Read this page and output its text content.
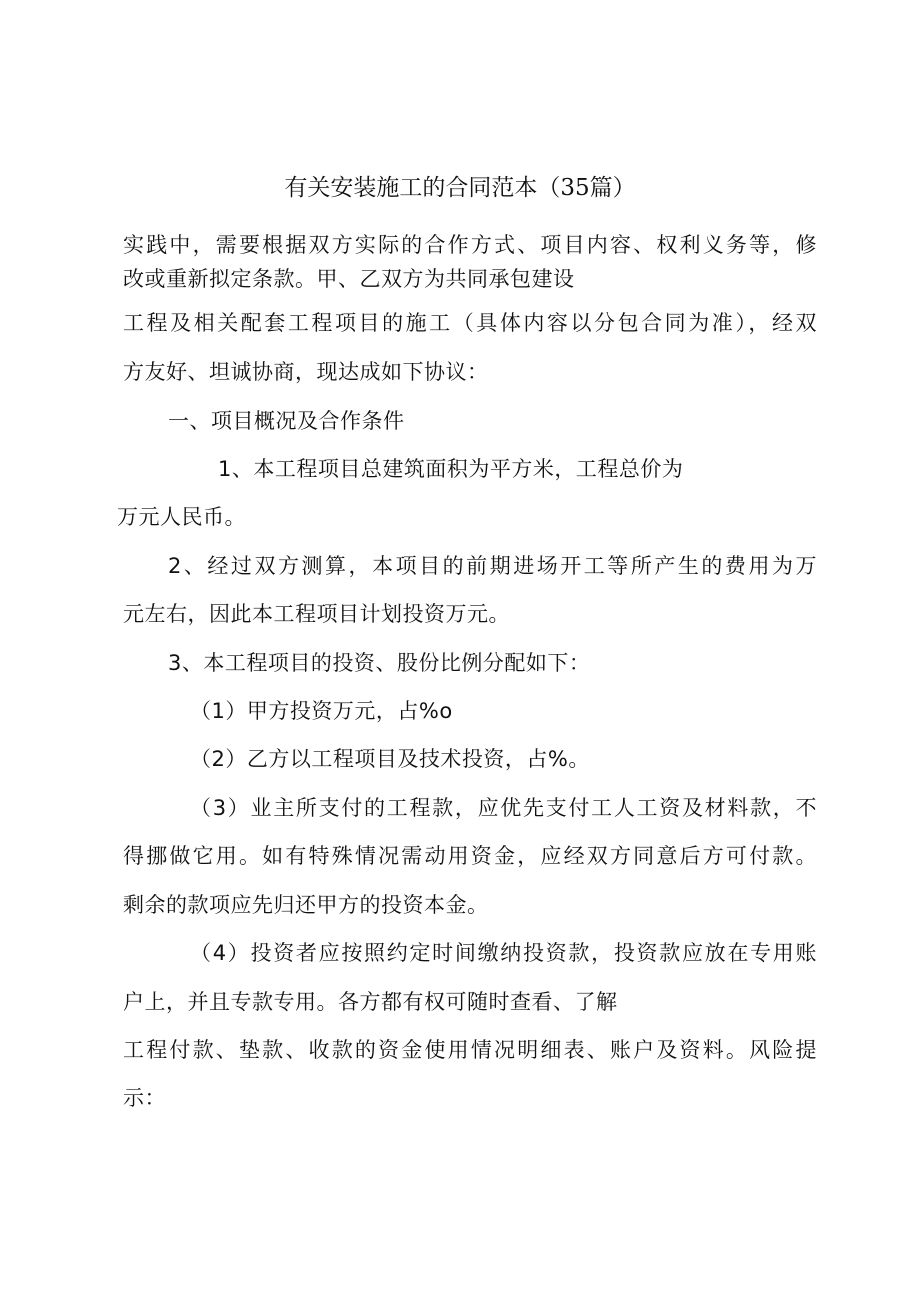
有关安装施工的合同范本（35篇）

实践中，需要根据双方实际的合作方式、项目内容、权利义务等，修

改或重新拟定条款。甲、乙双方为共同承包建设

工程及相关配套工程项目的施工（具体内容以分包合同为准），经双

方友好、坦诚协商，现达成如下协议：

一、项目概况及合作条件

1、本工程项目总建筑面积为平方米，工程总价为

万元人民币。

2、经过双方测算，本项目的前期进场开工等所产生的费用为万

元左右，因此本工程项目计划投资万元。

3、本工程项目的投资、股份比例分配如下：

（1）甲方投资万元，占%o

（2）乙方以工程项目及技术投资，占%。

（3）业主所支付的工程款，应优先支付工人工资及材料款，不

得挪做它用。如有特殊情况需动用资金，应经双方同意后方可付款。

剩余的款项应先归还甲方的投资本金。

（4）投资者应按照约定时间缴纳投资款，投资款应放在专用账

户上，并且专款专用。各方都有权可随时查看、了解

工程付款、垫款、收款的资金使用情况明细表、账户及资料。风险提

示：
